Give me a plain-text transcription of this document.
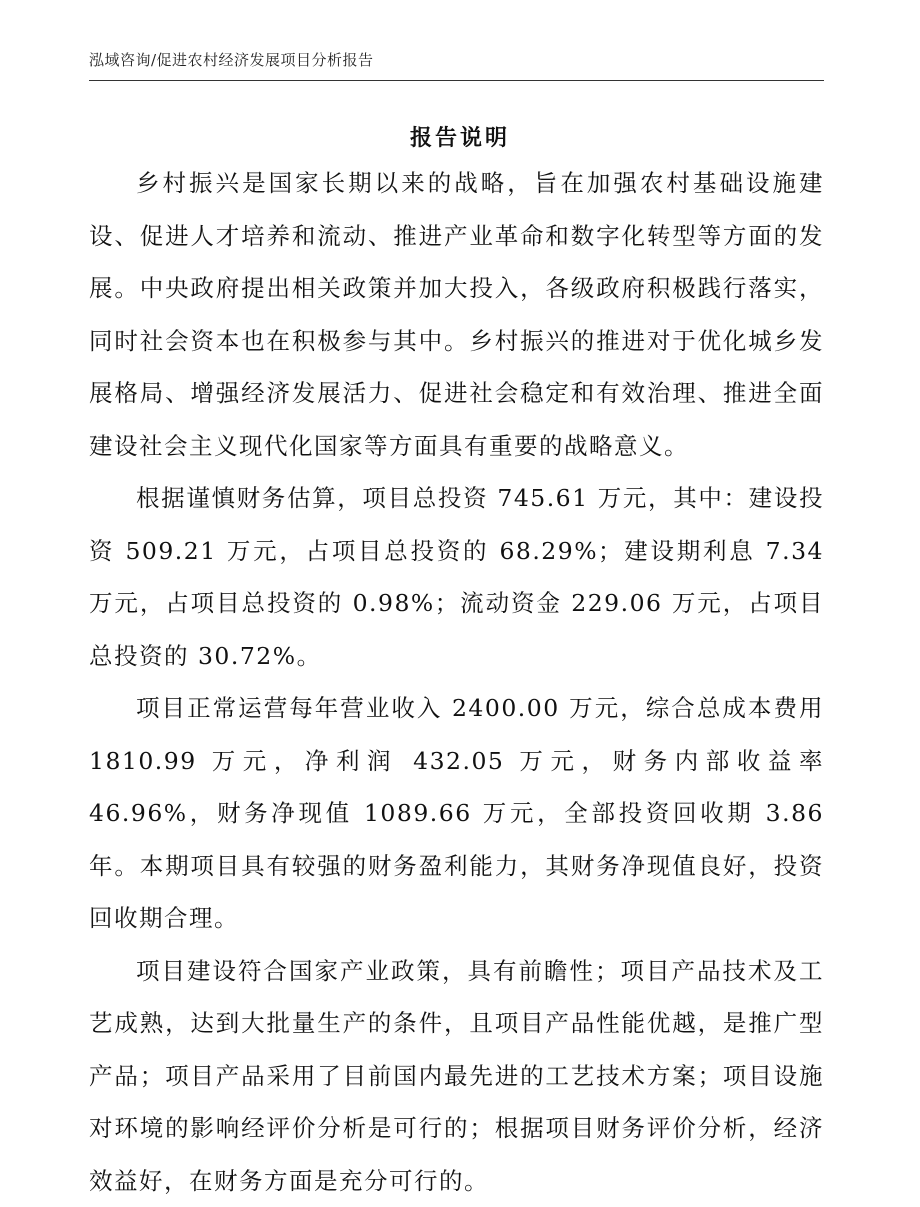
泓域咨询/促进农村经济发展项目分析报告
报告说明

乡村振兴是国家长期以来的战略，旨在加强农村基础设施建设、促进人才培养和流动、推进产业革命和数字化转型等方面的发展。中央政府提出相关政策并加大投入，各级政府积极践行落实，同时社会资本也在积极参与其中。乡村振兴的推进对于优化城乡发展格局、增强经济发展活力、促进社会稳定和有效治理、推进全面建设社会主义现代化国家等方面具有重要的战略意义。

根据谨慎财务估算，项目总投资 745.61 万元，其中：建设投资 509.21 万元，占项目总投资的 68.29%；建设期利息 7.34 万元，占项目总投资的 0.98%；流动资金 229.06 万元，占项目总投资的 30.72%。

项目正常运营每年营业收入 2400.00 万元，综合总成本费用 1810.99 万元，净利润 432.05 万元，财务内部收益率 46.96%，财务净现值 1089.66 万元，全部投资回收期 3.86 年。本期项目具有较强的财务盈利能力，其财务净现值良好，投资回收期合理。

项目建设符合国家产业政策，具有前瞻性；项目产品技术及工艺成熟，达到大批量生产的条件，且项目产品性能优越，是推广型产品；项目产品采用了目前国内最先进的工艺技术方案；项目设施对环境的影响经评价分析是可行的；根据项目财务评价分析，经济效益好，在财务方面是充分可行的。
